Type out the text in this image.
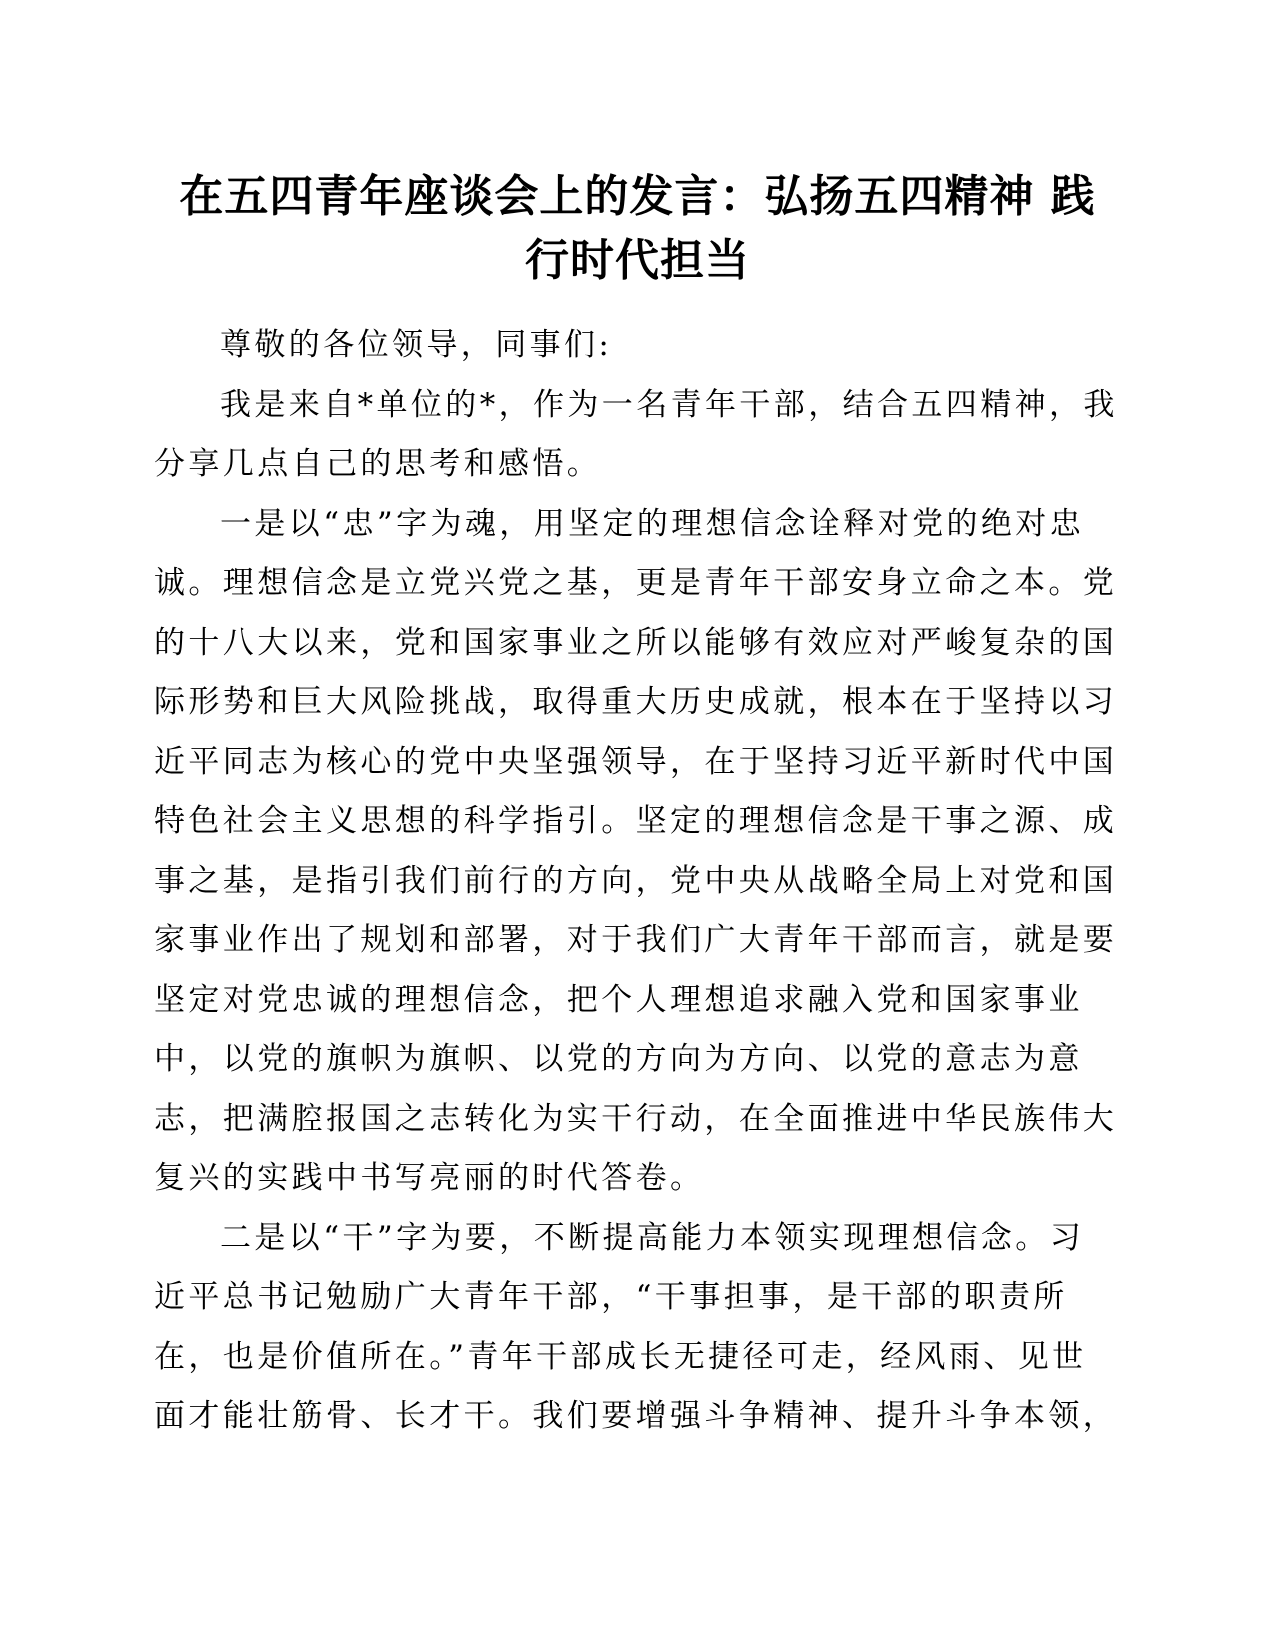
在五四青年座谈会上的发言：弘扬五四精神 践
行时代担当
尊敬的各位领导，同事们:
我是来自*单位的*，作为一名青年干部，结合五四精神，我
分享几点自己的思考和感悟。
一是以“忠”字为魂，用坚定的理想信念诠释对党的绝对忠
诚。理想信念是立党兴党之基，更是青年干部安身立命之本。党
的十八大以来，党和国家事业之所以能够有效应对严峻复杂的国
际形势和巨大风险挑战，取得重大历史成就，根本在于坚持以习
近平同志为核心的党中央坚强领导，在于坚持习近平新时代中国
特色社会主义思想的科学指引。坚定的理想信念是干事之源、成
事之基，是指引我们前行的方向，党中央从战略全局上对党和国
家事业作出了规划和部署，对于我们广大青年干部而言，就是要
坚定对党忠诚的理想信念，把个人理想追求融入党和国家事业
中，以党的旗帜为旗帜、以党的方向为方向、以党的意志为意
志，把满腔报国之志转化为实干行动，在全面推进中华民族伟大
复兴的实践中书写亮丽的时代答卷。
二是以“干”字为要，不断提高能力本领实现理想信念。习
近平总书记勉励广大青年干部，“干事担事，是干部的职责所
在，也是价值所在。”青年干部成长无捷径可走，经风雨、见世
面才能壮筋骨、长才干。我们要增强斗争精神、提升斗争本领，
